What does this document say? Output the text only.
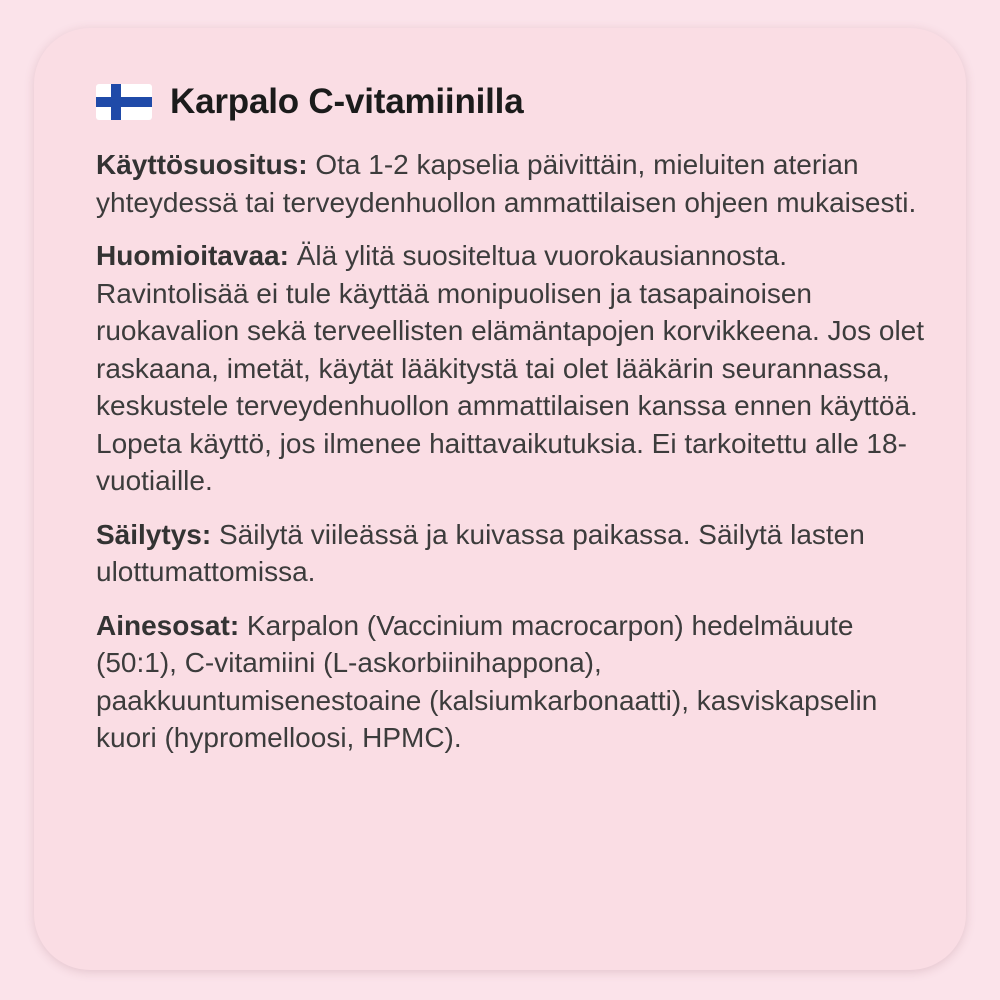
Karpalo C-vitamiinilla

Käyttösuositus: Ota 1-2 kapselia päivittäin, mieluiten aterian yhteydessä tai terveydenhuollon ammattilaisen ohjeen mukaisesti.

Huomioitavaa: Älä ylitä suositeltua vuorokausiannosta. Ravintolisää ei tule käyttää monipuolisen ja tasapainoisen ruokavalion sekä terveellisten elämäntapojen korvikkeena. Jos olet raskaana, imetät, käytät lääkitystä tai olet lääkärin seurannassa, keskustele terveydenhuollon ammattilaisen kanssa ennen käyttöä. Lopeta käyttö, jos ilmenee haittavaikutuksia. Ei tarkoitettu alle 18-vuotiaille.

Säilytys: Säilytä viileässä ja kuivassa paikassa. Säilytä lasten ulottumattomissa.

Ainesosat: Karpalon (Vaccinium macrocarpon) hedelmäuute (50:1), C-vitamiini (L-askorbiinihappona), paakkuuntumisenestoaine (kalsiumkarbonaatti), kasviskapselin kuori (hypromelloosi, HPMC).
